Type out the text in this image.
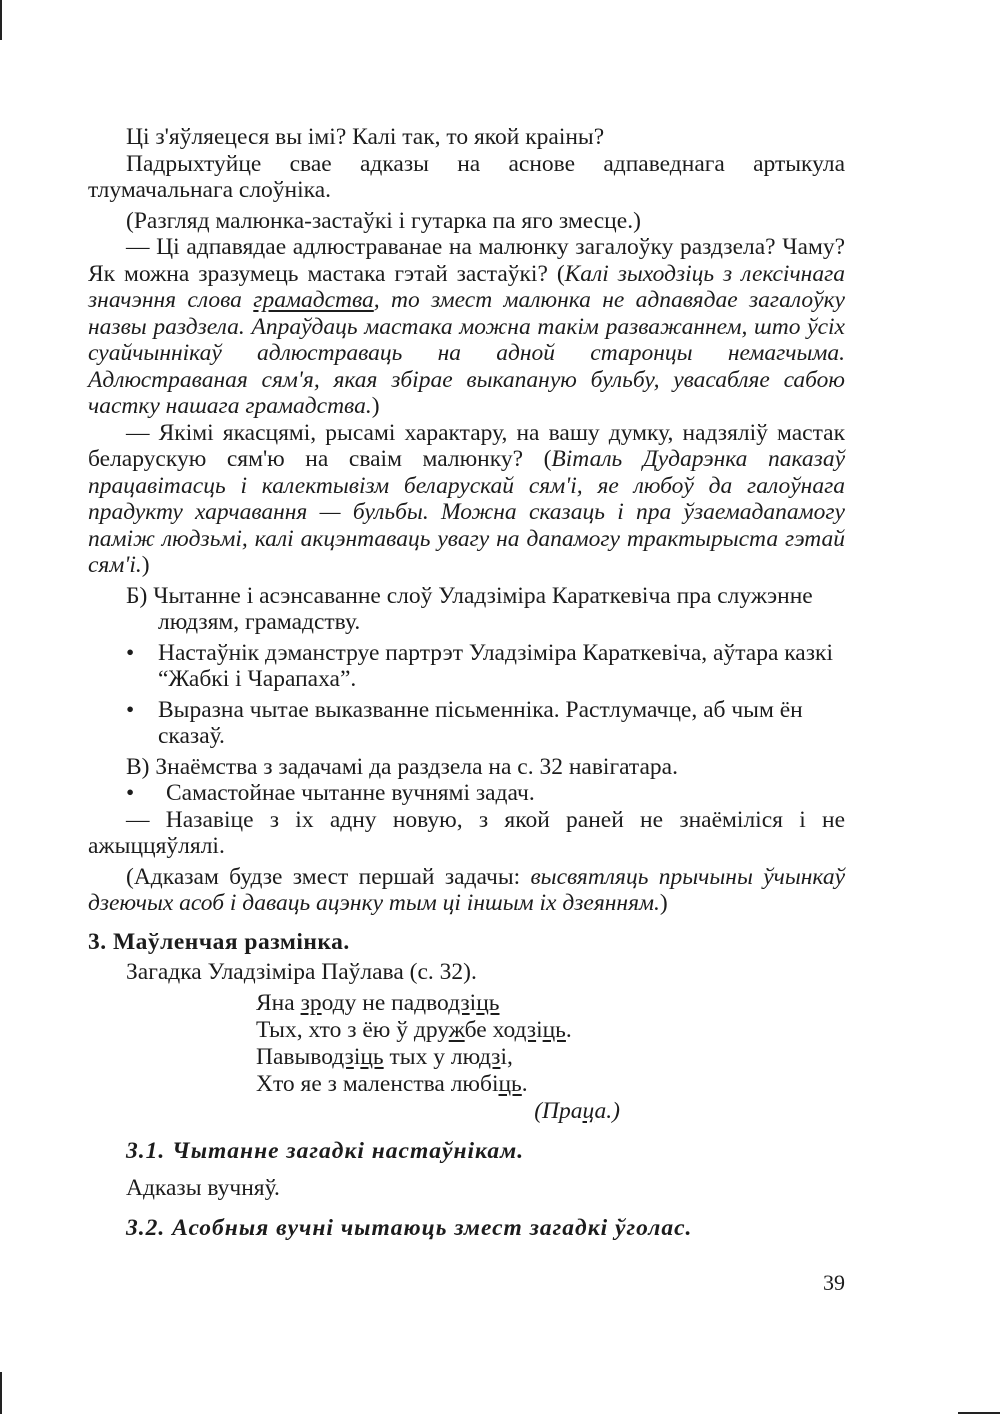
Ці з'яўляецеся вы імі? Калі так, то якой краіны?

Падрыхтуйце свае адказы на аснове адпаведнага артыкула тлумачальнага слоўніка.

(Разгляд малюнка-застаўкі і гутарка па яго змесце.)

— Ці адпавядае адлюстраванае на малюнку загалоўку раздзела? Чаму? Як можна зразумець мастака гэтай застаўкі? (Калі зыходзіць з лексічнага значэння слова грамадства, то змест малюнка не адпавядае загалоўку назвы раздзела. Апраўдаць мастака можна такім разважаннем, што ўсіх суайчыннікаў адлюстраваць на адной старонцы немагчыма. Адлюстраваная сям'я, якая збірае выкапаную бульбу, увасабляе сабою частку нашага грамадства.)

— Якімі якасцямі, рысамі характару, на вашу думку, надзяліў мастак беларускую сям'ю на сваім малюнку? (Віталь Дударэнка паказаў працавітасць і калектывізм беларускай сям'і, яе любоў да галоўнага прадукту харчавання — бульбы. Можна сказаць і пра ўзаемадапамогу паміж людзьмі, калі акцэнтаваць увагу на дапамогу трактырыста гэтай сям'і.)

Б) Чытанне і асэнсаванне слоў Уладзіміра Караткевіча пра служэнне людзям, грамадству.

• Настаўнік дэманструе партрэт Уладзіміра Караткевіча, аўтара казкі “Жабкі і Чарапаха”.

• Выразна чытае выказванне пісьменніка. Растлумачце, аб чым ён сказаў.

В) Знаёмства з задачамі да раздзела на с. 32 навігатара.

• Самастойнае чытанне вучнямі задач.

— Назавіце з іх адну новую, з якой раней не знаёміліся і не ажыццяўлялі.

(Адказам будзе змест першай задачы: высвятляць прычыны ўчынкаў дзеючых асоб і даваць ацэнку тым ці іншым іх дзеянням.)

3. Маўленчая размінка.

Загадка Уладзіміра Паўлава (с. 32).

Яна зроду не падводзіць

Тых, хто з ёю ў дружбе ходзіць.

Павыводзіць тых у людзі,

Хто яе з маленства любіць.

(Праца.)

3.1. Чытанне загадкі настаўнікам.

Адказы вучняў.

3.2. Асобныя вучні чытаюць змест загадкі ўголас.

39
